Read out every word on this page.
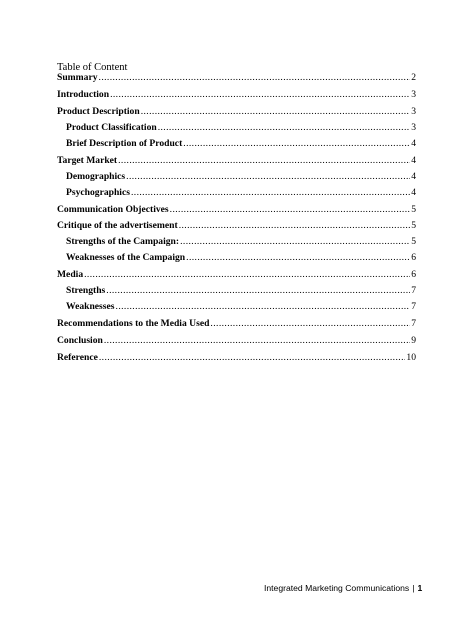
Table of Content
Summary .....	2
Introduction .....	3
Product Description .....	3
Product Classification .....	3
Brief Description of Product .....	4
Target Market .....	4
Demographics .....	4
Psychographics .....	4
Communication Objectives .....	5
Critique of the advertisement .....	5
Strengths of the Campaign: .....	5
Weaknesses of the Campaign .....	6
Media .....	6
Strengths .....	7
Weaknesses .....	7
Recommendations to the Media Used .....	7
Conclusion .....	9
Reference .....	10
Integrated Marketing Communications | 1
